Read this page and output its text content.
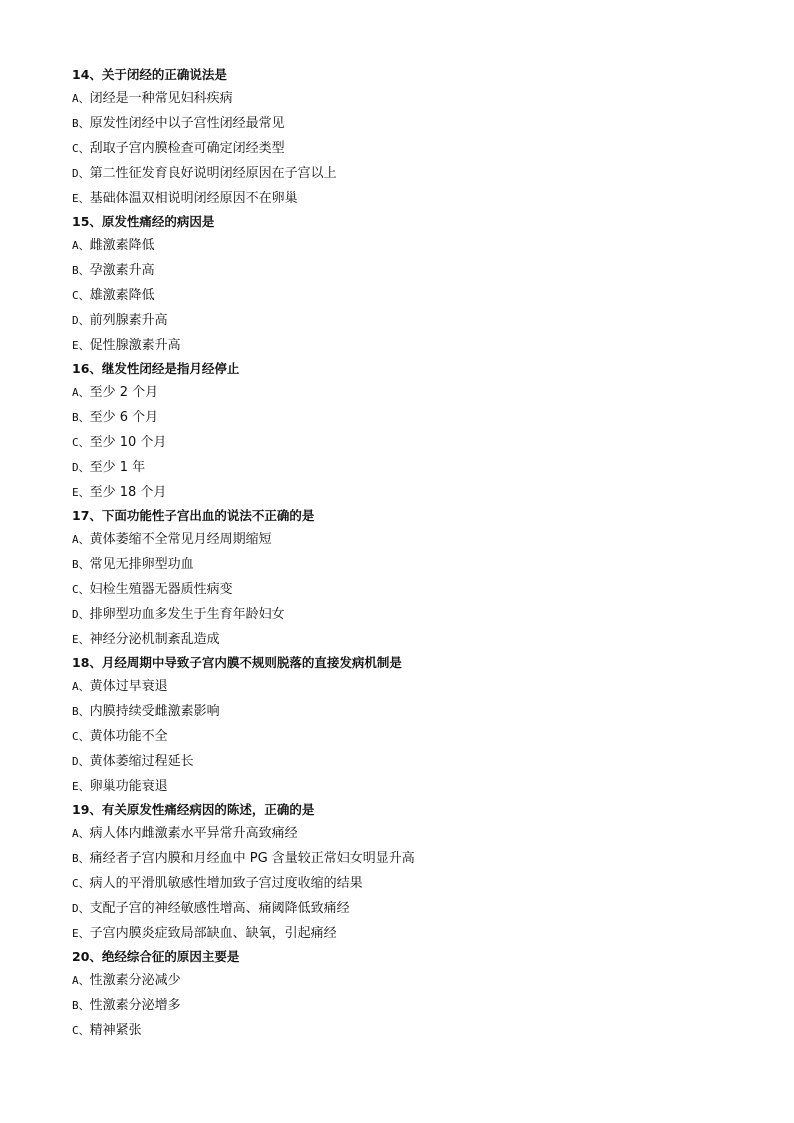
14、关于闭经的正确说法是
A、闭经是一种常见妇科疾病
B、原发性闭经中以子宫性闭经最常见
C、刮取子宫内膜检查可确定闭经类型
D、第二性征发育良好说明闭经原因在子宫以上
E、基础体温双相说明闭经原因不在卵巢
15、原发性痛经的病因是
A、雌激素降低
B、孕激素升高
C、雄激素降低
D、前列腺素升高
E、促性腺激素升高
16、继发性闭经是指月经停止
A、至少 2 个月
B、至少 6 个月
C、至少 10 个月
D、至少 1 年
E、至少 18 个月
17、下面功能性子宫出血的说法不正确的是
A、黄体萎缩不全常见月经周期缩短
B、常见无排卵型功血
C、妇检生殖器无器质性病变
D、排卵型功血多发生于生育年龄妇女
E、神经分泌机制紊乱造成
18、月经周期中导致子宫内膜不规则脱落的直接发病机制是
A、黄体过早衰退
B、内膜持续受雌激素影响
C、黄体功能不全
D、黄体萎缩过程延长
E、卵巢功能衰退
19、有关原发性痛经病因的陈述，正确的是
A、病人体内雌激素水平异常升高致痛经
B、痛经者子宫内膜和月经血中 PG 含量较正常妇女明显升高
C、病人的平滑肌敏感性增加致子宫过度收缩的结果
D、支配子宫的神经敏感性增高、痛阈降低致痛经
E、子宫内膜炎症致局部缺血、缺氧，引起痛经
20、绝经综合征的原因主要是
A、性激素分泌减少
B、性激素分泌增多
C、精神紧张
